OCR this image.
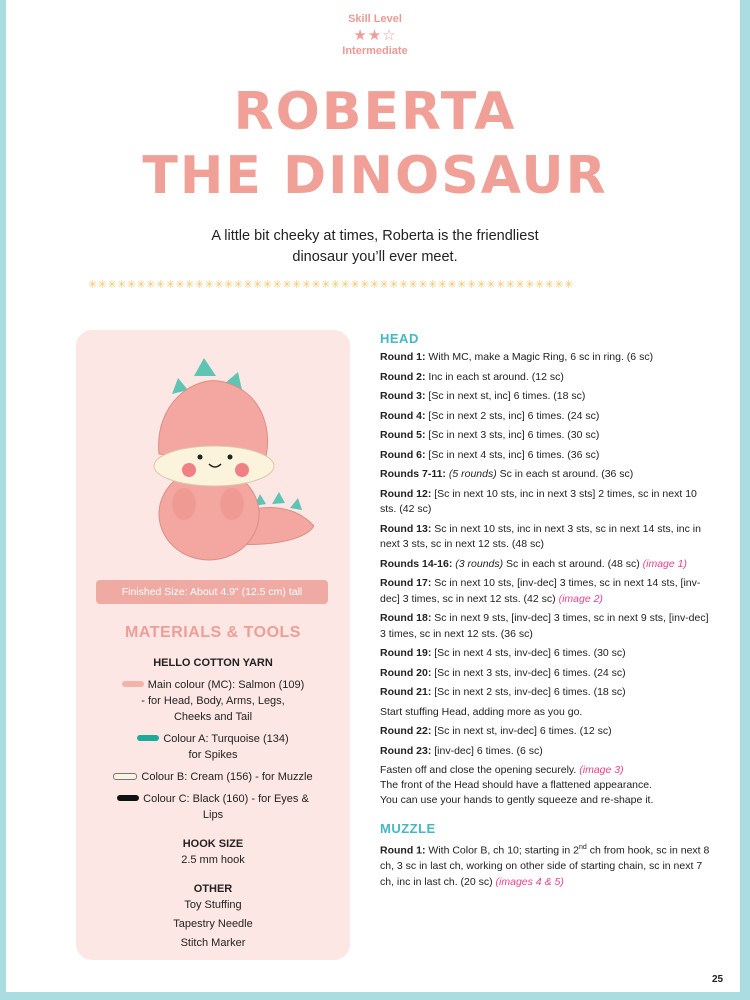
Skill Level
★★☆
Intermediate
ROBERTA
THE DINOSAUR
A little bit cheeky at times, Roberta is the friendliest
dinosaur you’ll ever meet.
✳✳✳✳✳✳✳✳✳✳✳✳✳✳✳✳✳✳✳✳✳✳✳✳✳✳✳✳✳✳✳✳✳✳✳✳✳✳✳✳✳✳✳✳✳✳✳✳✳✳
Finished Size: About 4.9" (12.5 cm) tall
MATERIALS & TOOLS
HELLO COTTON YARN
Main colour (MC): Salmon (109)
- for Head, Body, Arms, Legs,
Cheeks and Tail
Colour A: Turquoise (134)
for Spikes
Colour B: Cream (156) - for Muzzle
Colour C: Black (160) - for Eyes &
Lips
HOOK SIZE
2.5 mm hook
OTHER
Toy Stuffing
Tapestry Needle
Stitch Marker
HEAD
Round 1: With MC, make a Magic Ring, 6 sc in ring. (6 sc)
Round 2: Inc in each st around. (12 sc)
Round 3: [Sc in next st, inc] 6 times. (18 sc)
Round 4: [Sc in next 2 sts, inc] 6 times. (24 sc)
Round 5: [Sc in next 3 sts, inc] 6 times. (30 sc)
Round 6: [Sc in next 4 sts, inc] 6 times. (36 sc)
Rounds 7-11: (5 rounds) Sc in each st around. (36 sc)
Round 12: [Sc in next 10 sts, inc in next 3 sts] 2 times, sc in next 10 sts. (42 sc)
Round 13: Sc in next 10 sts, inc in next 3 sts, sc in next 14 sts, inc in next 3 sts, sc in next 12 sts. (48 sc)
Rounds 14-16: (3 rounds) Sc in each st around. (48 sc) (image 1)
Round 17: Sc in next 10 sts, [inv-dec] 3 times, sc in next 14 sts, [inv-dec] 3 times, sc in next 12 sts. (42 sc) (image 2)
Round 18: Sc in next 9 sts, [inv-dec] 3 times, sc in next 9 sts, [inv-dec] 3 times, sc in next 12 sts. (36 sc)
Round 19: [Sc in next 4 sts, inv-dec] 6 times. (30 sc)
Round 20: [Sc in next 3 sts, inv-dec] 6 times. (24 sc)
Round 21: [Sc in next 2 sts, inv-dec] 6 times. (18 sc)
Start stuffing Head, adding more as you go.
Round 22: [Sc in next st, inv-dec] 6 times. (12 sc)
Round 23: [inv-dec] 6 times. (6 sc)
Fasten off and close the opening securely. (image 3)
The front of the Head should have a flattened appearance.
You can use your hands to gently squeeze and re-shape it.
MUZZLE
Round 1: With Color B, ch 10; starting in 2nd ch from hook, sc in next 8 ch, 3 sc in last ch, working on other side of starting chain, sc in next 7 ch, inc in last ch. (20 sc) (images 4 & 5)
25
